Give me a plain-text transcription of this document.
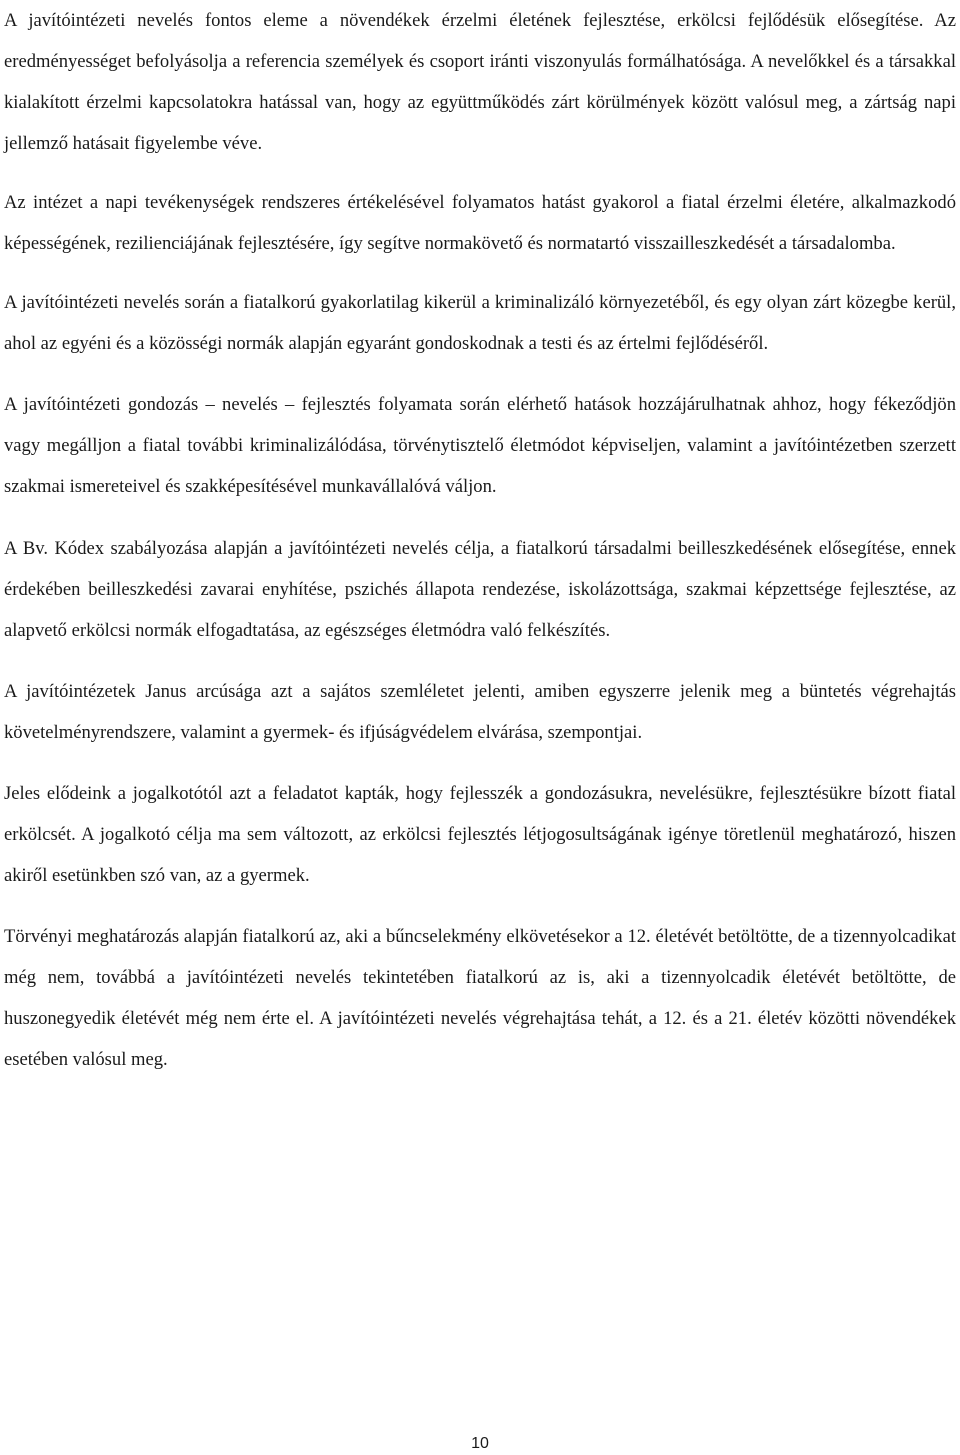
A javítóintézeti nevelés fontos eleme a növendékek érzelmi életének fejlesztése, erkölcsi fejlődésük elősegítése. Az eredményességet befolyásolja a referencia személyek és csoport iránti viszonyulás formálhatósága. A nevelőkkel és a társakkal kialakított érzelmi kapcsolatokra hatással van, hogy az együttműködés zárt körülmények között valósul meg, a zártság napi jellemző hatásait figyelembe véve.

Az intézet a napi tevékenységek rendszeres értékelésével folyamatos hatást gyakorol a fiatal érzelmi életére, alkalmazkodó képességének, rezilienciájának fejlesztésére, így segítve normakövető és normatartó visszailleszkedését a társadalomba.

A javítóintézeti nevelés során a fiatalkorú gyakorlatilag kikerül a kriminalizáló környezetéből, és egy olyan zárt közegbe kerül, ahol az egyéni és a közösségi normák alapján egyaránt gondoskodnak a testi és az értelmi fejlődéséről.

A javítóintézeti gondozás – nevelés – fejlesztés folyamata során elérhető hatások hozzájárulhatnak ahhoz, hogy fékeződjön vagy megálljon a fiatal további kriminalizálódása, törvénytisztelő életmódot képviseljen, valamint a javítóintézetben szerzett szakmai ismereteivel és szakképesítésével munkavállalóvá váljon.

A Bv. Kódex szabályozása alapján a javítóintézeti nevelés célja, a fiatalkorú társadalmi beilleszkedésének elősegítése, ennek érdekében beilleszkedési zavarai enyhítése, pszichés állapota rendezése, iskolázottsága, szakmai képzettsége fejlesztése, az alapvető erkölcsi normák elfogadtatása, az egészséges életmódra való felkészítés.

A javítóintézetek Janus arcúsága azt a sajátos szemléletet jelenti, amiben egyszerre jelenik meg a büntetés végrehajtás követelményrendszere, valamint a gyermek- és ifjúságvédelem elvárása, szempontjai.

Jeles elődeink a jogalkotótól azt a feladatot kapták, hogy fejlesszék a gondozásukra, nevelésükre, fejlesztésükre bízott fiatal erkölcsét. A jogalkotó célja ma sem változott, az erkölcsi fejlesztés létjogosultságának igénye töretlenül meghatározó, hiszen akiről esetünkben szó van, az a gyermek.

Törvényi meghatározás alapján fiatalkorú az, aki a bűncselekmény elkövetésekor a 12. életévét betöltötte, de a tizennyolcadikat még nem, továbbá a javítóintézeti nevelés tekintetében fiatalkorú az is, aki a tizennyolcadik életévét betöltötte, de huszonegyedik életévét még nem érte el. A javítóintézeti nevelés végrehajtása tehát, a 12. és a 21. életév közötti növendékek esetében valósul meg.

10
